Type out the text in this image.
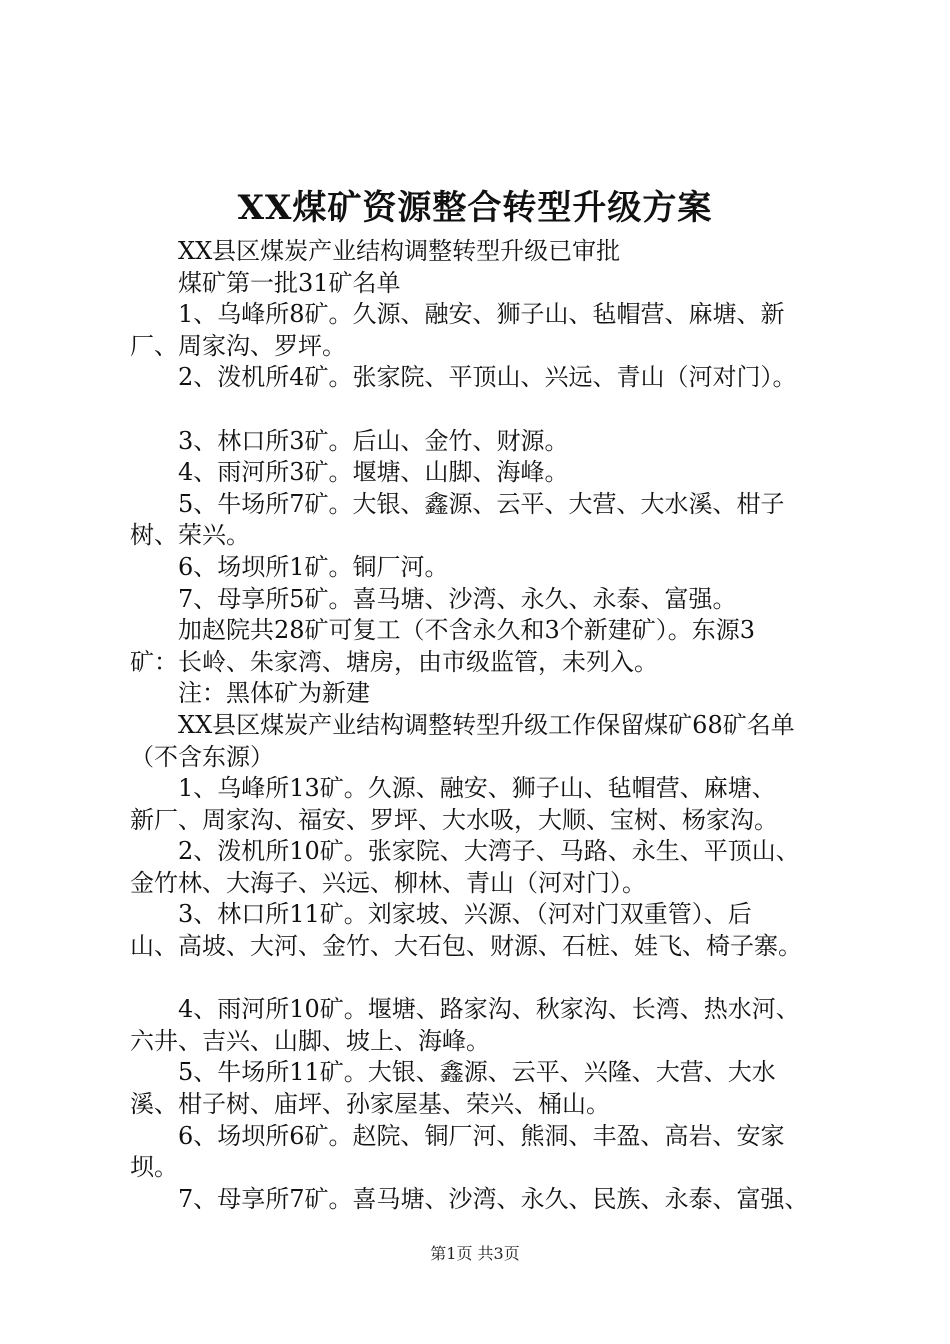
XX煤矿资源整合转型升级方案
　　XX县区煤炭产业结构调整转型升级已审批
　　煤矿第一批31矿名单
　　1、乌峰所8矿。久源、融安、狮子山、毡帽营、麻塘、新
厂、周家沟、罗坪。
　　2、泼机所4矿。张家院、平顶山、兴远、青山（河对门）。
　　3、林口所3矿。后山、金竹、财源。
　　4、雨河所3矿。堰塘、山脚、海峰。
　　5、牛场所7矿。大银、鑫源、云平、大营、大水溪、柑子
树、荣兴。
　　6、场坝所1矿。铜厂河。
　　7、母享所5矿。喜马塘、沙湾、永久、永泰、富强。
　　加赵院共28矿可复工（不含永久和3个新建矿）。东源3
矿：长岭、朱家湾、塘房，由市级监管，未列入。
　　注：黑体矿为新建
　　XX县区煤炭产业结构调整转型升级工作保留煤矿68矿名单
（不含东源）
　　1、乌峰所13矿。久源、融安、狮子山、毡帽营、麻塘、
新厂、周家沟、福安、罗坪、大水吸，大顺、宝树、杨家沟。
　　2、泼机所10矿。张家院、大湾子、马路、永生、平顶山、
金竹林、大海子、兴远、柳林、青山（河对门）。
　　3、林口所11矿。刘家坡、兴源、（河对门双重管）、后
山、高坡、大河、金竹、大石包、财源、石桩、娃飞、椅子寨。
　　4、雨河所10矿。堰塘、路家沟、秋家沟、长湾、热水河、
六井、吉兴、山脚、坡上、海峰。
　　5、牛场所11矿。大银、鑫源、云平、兴隆、大营、大水
溪、柑子树、庙坪、孙家屋基、荣兴、桶山。
　　6、场坝所6矿。赵院、铜厂河、熊洞、丰盈、高岩、安家
坝。
　　7、母享所7矿。喜马塘、沙湾、永久、民族、永泰、富强、
第1页 共3页
